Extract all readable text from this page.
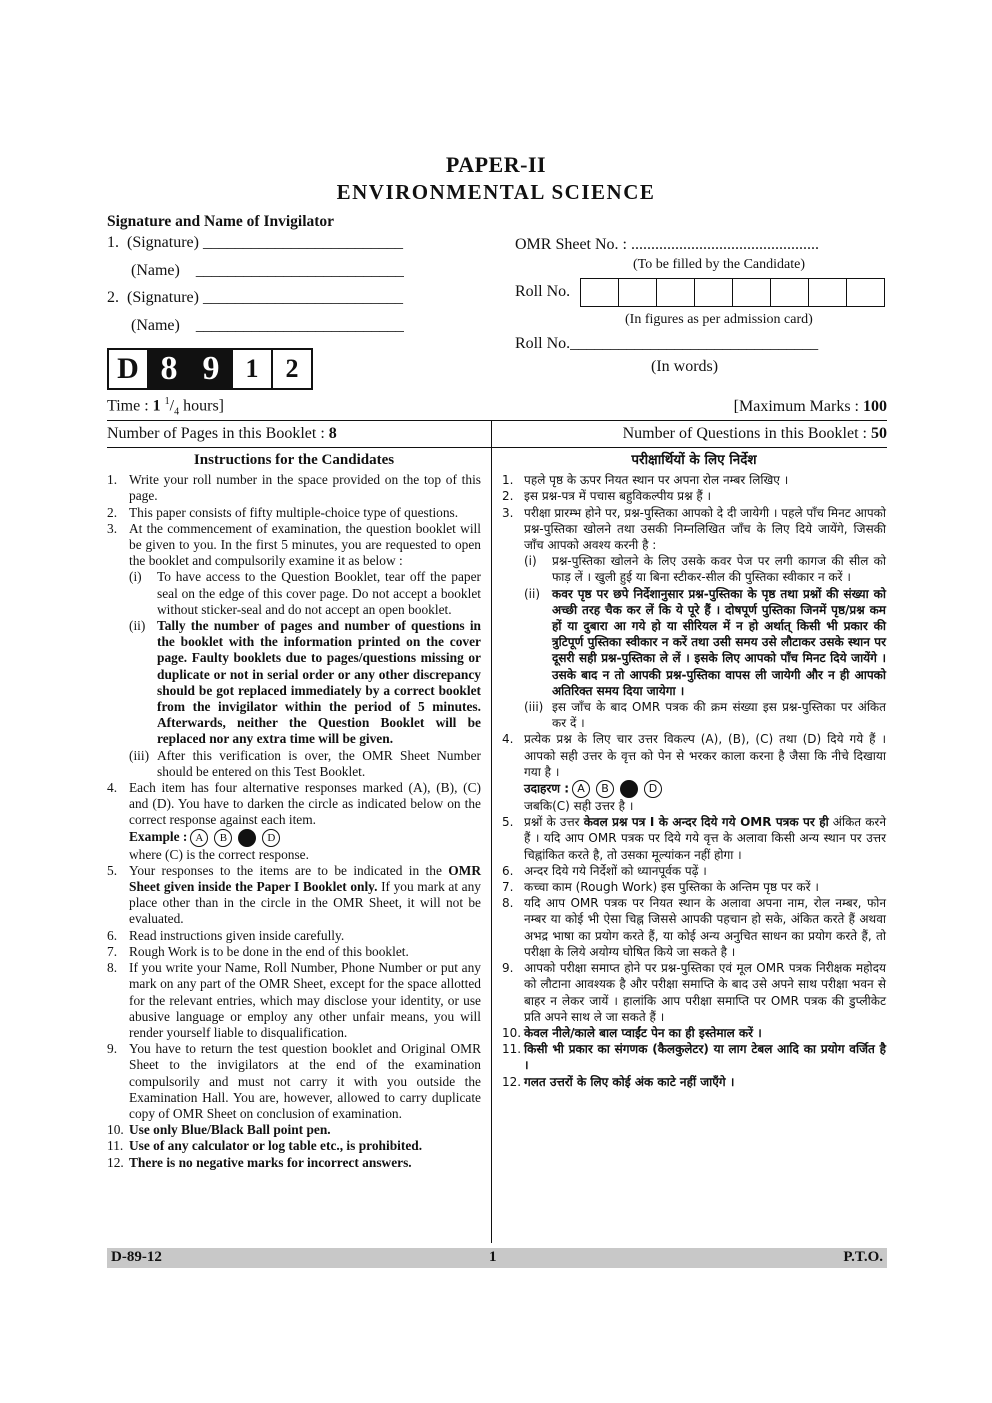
PAPER-II
ENVIRONMENTAL SCIENCE
Signature and Name of Invigilator
1.  (Signature) _________________________
(Name)    __________________________
2.  (Signature) _________________________
(Name)    __________________________
OMR Sheet No. : ...............................................
(To be filled by the Candidate)
Roll No.
(In figures as per admission card)
Roll No._______________________________
(In words)
D 8 9	1	2
Time : 1 $^1/_4$ hours]	[Maximum Marks : 100
Number of Pages in this Booklet : 8	Number of Questions in this Booklet : 50
Instructions for the Candidates
1. Write your roll number in the space provided on the top of this page.
2. This paper consists of fifty multiple-choice type of questions.
3. At the commencement of examination, the question booklet will be given to you. In the first 5 minutes, you are requested to open the booklet and compulsorily examine it as below :
(i) To have access to the Question Booklet, tear off the paper seal on the edge of this cover page. Do not accept a booklet without sticker-seal and do not accept an open booklet.
(ii) Tally the number of pages and number of questions in the booklet with the information printed on the cover page. Faulty booklets due to pages/questions missing or duplicate or not in serial order or any other discrepancy should be got replaced immediately by a correct booklet from the invigilator within the period of 5 minutes. Afterwards, neither the Question Booklet will be replaced nor any extra time will be given.
(iii) After this verification is over, the OMR Sheet Number should be entered on this Test Booklet.
4. Each item has four alternative responses marked (A), (B), (C) and (D). You have to darken the circle as indicated below on the correct response against each item.
Example : A B	D
where (C) is the correct response.
5. Your responses to the items are to be indicated in the OMR Sheet given inside the Paper I Booklet only. If you mark at any place other than in the circle in the OMR Sheet, it will not be evaluated.
6. Read instructions given inside carefully.
7. Rough Work is to be done in the end of this booklet.
8. If you write your Name, Roll Number, Phone Number or put any mark on any part of the OMR Sheet, except for the space allotted for the relevant entries, which may disclose your identity, or use abusive language or employ any other unfair means, you will render yourself liable to disqualification.
9. You have to return the test question booklet and Original OMR Sheet to the invigilators at the end of the examination compulsorily and must not carry it with you outside the Examination Hall. You are, however, allowed to carry duplicate copy of OMR Sheet on conclusion of examination.
10. Use only Blue/Black Ball point pen.
11. Use of any calculator or log table etc., is prohibited.
12. There is no negative marks for incorrect answers.
परीक्षार्थियों के लिए निर्देश
1. पहले पृष्ठ के ऊपर नियत स्थान पर अपना रोल नम्बर लिखिए ।
2. इस प्रश्न-पत्र में पचास बहुविकल्पीय प्रश्न हैं ।
3. परीक्षा प्रारम्भ होने पर, प्रश्न-पुस्तिका आपको दे दी जायेगी । पहले पाँच मिनट आपको प्रश्न-पुस्तिका खोलने तथा उसकी निम्नलिखित जाँच के लिए दिये जायेंगे, जिसकी जाँच आपको अवश्य करनी है :
(i) प्रश्न-पुस्तिका खोलने के लिए उसके कवर पेज पर लगी कागज की सील को फाड़ लें । खुली हुई या बिना स्टीकर-सील की पुस्तिका स्वीकार न करें ।
(ii) कवर पृष्ठ पर छपे निर्देशानुसार प्रश्न-पुस्तिका के पृष्ठ तथा प्रश्नों की संख्या को अच्छी तरह चैक कर लें कि ये पूरे हैं । दोषपूर्ण पुस्तिका जिनमें पृष्ठ/प्रश्न कम हों या दुबारा आ गये हो या सीरियल में न हो अर्थात् किसी भी प्रकार की त्रुटिपूर्ण पुस्तिका स्वीकार न करें तथा उसी समय उसे लौटाकर उसके स्थान पर दूसरी सही प्रश्न-पुस्तिका ले लें । इसके लिए आपको पाँच मिनट दिये जायेंगे । उसके बाद न तो आपकी प्रश्न-पुस्तिका वापस ली जायेगी और न ही आपको अतिरिक्त समय दिया जायेगा ।
(iii) इस जाँच के बाद OMR पत्रक की क्रम संख्या इस प्रश्न-पुस्तिका पर अंकित कर दें ।
4. प्रत्येक प्रश्न के लिए चार उत्तर विकल्प (A), (B), (C) तथा (D) दिये गये हैं । आपको सही उत्तर के वृत्त को पेन से भरकर काला करना है जैसा कि नीचे दिखाया गया है ।
उदाहरण : A B	D
जबकि(C) सही उत्तर है ।
5. प्रश्नों के उत्तर केवल प्रश्न पत्र I के अन्दर दिये गये OMR पत्रक पर ही अंकित करने हैं । यदि आप OMR पत्रक पर दिये गये वृत्त के अलावा किसी अन्य स्थान पर उत्तर चिह्नांकित करते है, तो उसका मूल्यांकन नहीं होगा ।
6. अन्दर दिये गये निर्देशों को ध्यानपूर्वक पढ़ें ।
7. कच्चा काम (Rough Work) इस पुस्तिका के अन्तिम पृष्ठ पर करें ।
8. यदि आप OMR पत्रक पर नियत स्थान के अलावा अपना नाम, रोल नम्बर, फोन नम्बर या कोई भी ऐसा चिह्न जिससे आपकी पहचान हो सके, अंकित करते हैं अथवा अभद्र भाषा का प्रयोग करते हैं, या कोई अन्य अनुचित साधन का प्रयोग करते हैं, तो परीक्षा के लिये अयोग्य घोषित किये जा सकते है ।
9. आपको परीक्षा समाप्त होने पर प्रश्न-पुस्तिका एवं मूल OMR पत्रक निरीक्षक महोदय को लौटाना आवश्यक है और परीक्षा समाप्ति के बाद उसे अपने साथ परीक्षा भवन से बाहर न लेकर जायें । हालांकि आप परीक्षा समाप्ति पर OMR पत्रक की डुप्लीकेट प्रति अपने साथ ले जा सकते हैं ।
10. केवल नीले/काले बाल प्वाईंट पेन का ही इस्तेमाल करें ।
11. किसी भी प्रकार का संगणक (कैलकुलेटर) या लाग टेबल आदि का प्रयोग वर्जित है ।
12. गलत उत्तरों के लिए कोई अंक काटे नहीं जाएँगे ।
D-89-12	1	P.T.O.
